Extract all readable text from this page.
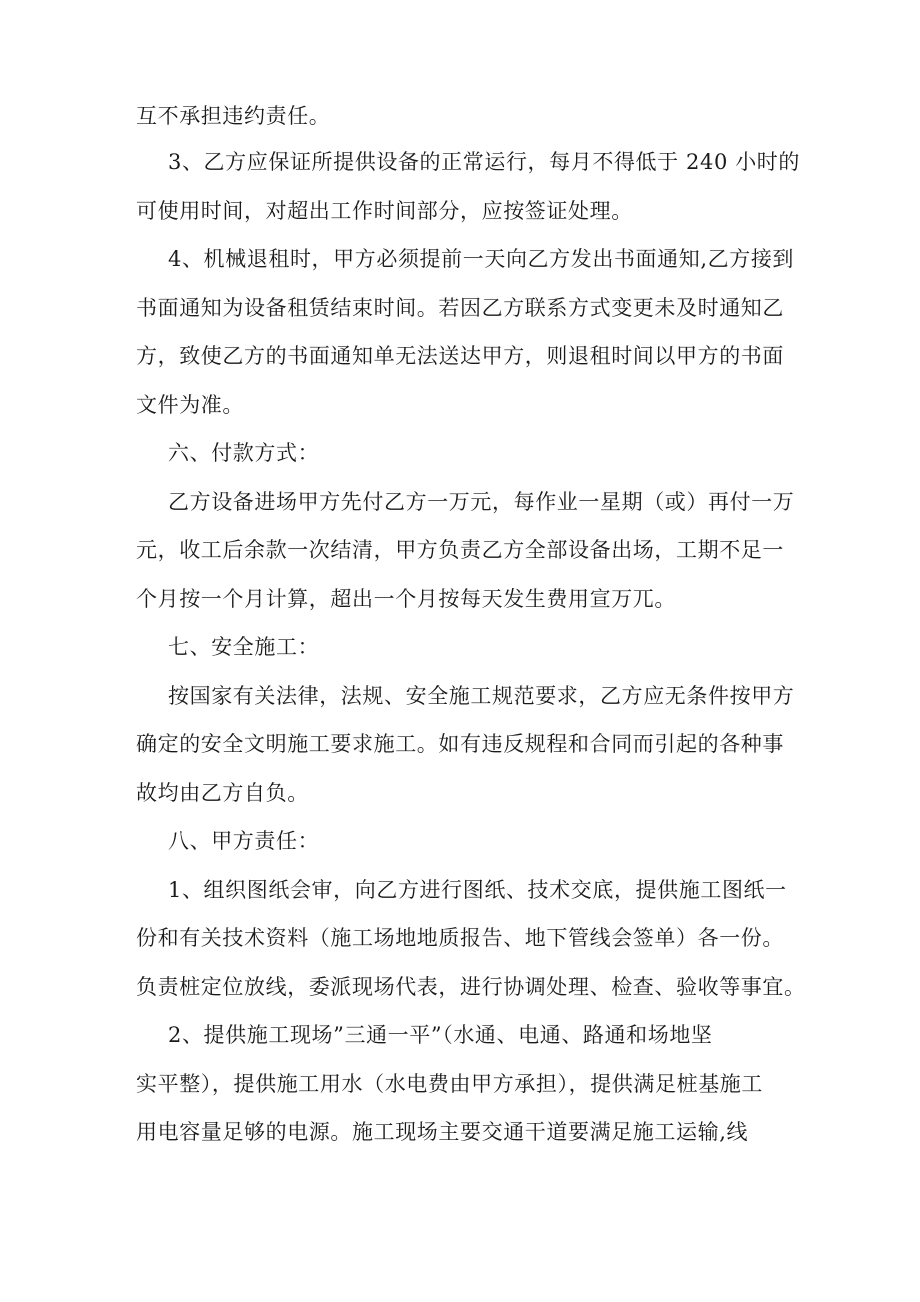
互不承担违约责任。
3、乙方应保证所提供设备的正常运行，每月不得低于 240 小时的
可使用时间，对超出工作时间部分，应按签证处理。
4、机械退租时，甲方必须提前一天向乙方发出书面通知,乙方接到
书面通知为设备租赁结束时间。若因乙方联系方式变更未及时通知乙
方，致使乙方的书面通知单无法送达甲方，则退租时间以甲方的书面
文件为准。
六、付款方式：
乙方设备进场甲方先付乙方一万元，每作业一星期（或）再付一万
元，收工后余款一次结清，甲方负责乙方全部设备出场，工期不足一
个月按一个月计算，超出一个月按每天发生费用宣万兀。
七、安全施工：
按国家有关法律，法规、安全施工规范要求，乙方应无条件按甲方
确定的安全文明施工要求施工。如有违反规程和合同而引起的各种事
故均由乙方自负。
八、甲方责任：
1、组织图纸会审，向乙方进行图纸、技术交底，提供施工图纸一
份和有关技术资料（施工场地地质报告、地下管线会签单）各一份。
负责桩定位放线，委派现场代表，进行协调处理、检查、验收等事宜。
2、提供施工现场”三通一平”（水通、电通、路通和场地坚
实平整），提供施工用水（水电费由甲方承担），提供满足桩基施工
用电容量足够的电源。施工现场主要交通干道要满足施工运输,线
